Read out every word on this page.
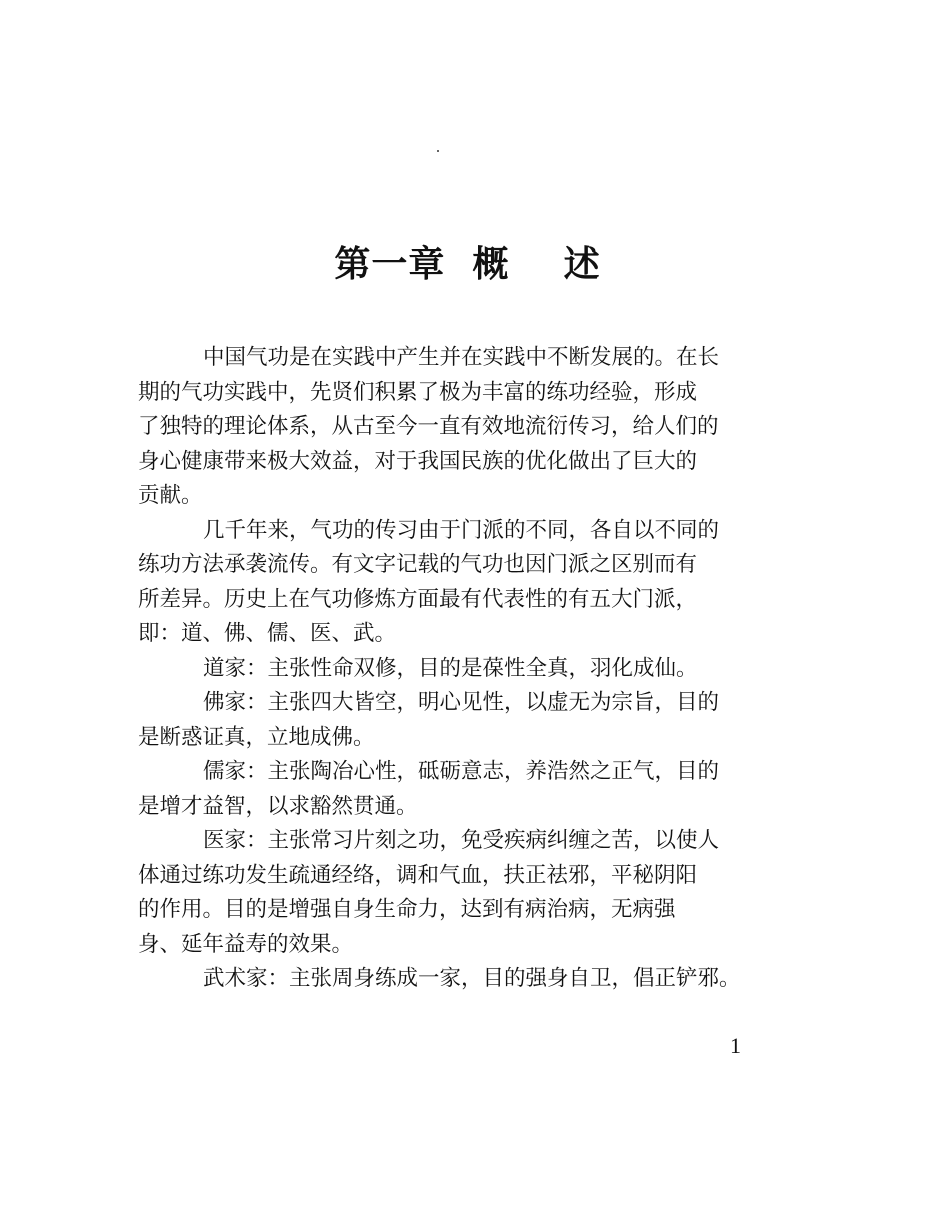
第一章  概    述
中国气功是在实践中产生并在实践中不断发展的。在长
期的气功实践中，先贤们积累了极为丰富的练功经验，形成
了独特的理论体系，从古至今一直有效地流衍传习，给人们的
身心健康带来极大效益，对于我国民族的优化做出了巨大的
贡献。
几千年来，气功的传习由于门派的不同，各自以不同的
练功方法承袭流传。有文字记载的气功也因门派之区别而有
所差异。历史上在气功修炼方面最有代表性的有五大门派，
即：道、佛、儒、医、武。
道家：主张性命双修，目的是葆性全真，羽化成仙。
佛家：主张四大皆空，明心见性，以虚无为宗旨，目的
是断惑证真，立地成佛。
儒家：主张陶冶心性，砥砺意志，养浩然之正气，目的
是增才益智，以求豁然贯通。
医家：主张常习片刻之功，免受疾病纠缠之苦，以使人
体通过练功发生疏通经络，调和气血，扶正祛邪，平秘阴阳
的作用。目的是增强自身生命力，达到有病治病，无病强
身、延年益寿的效果。
武术家：主张周身练成一家，目的强身自卫，倡正铲邪。
1
